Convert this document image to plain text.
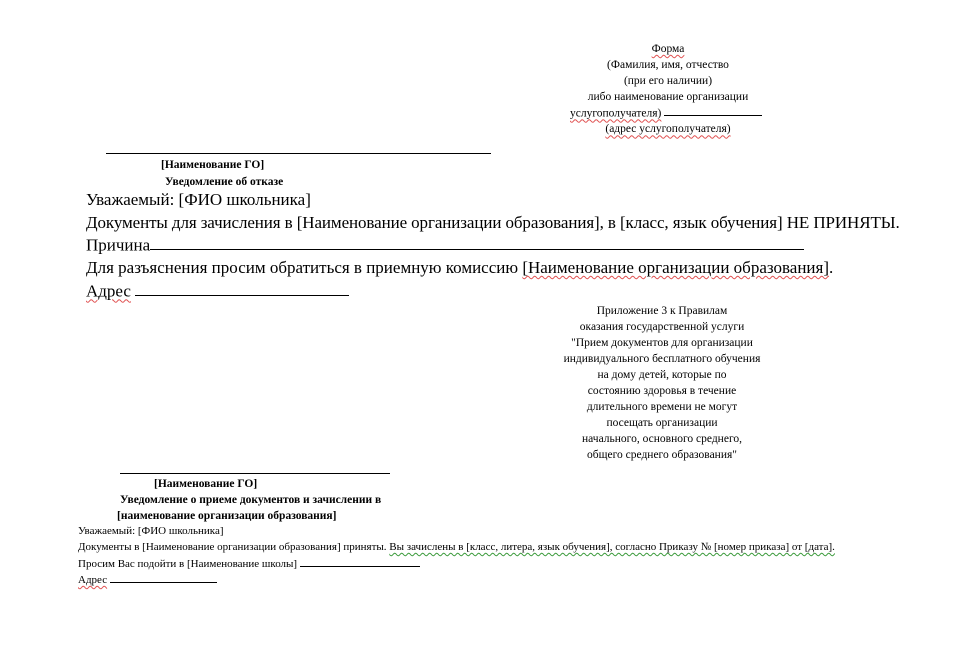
Форма
(Фамилия, имя, отчество
(при его наличии)
либо наименование организации
услугополучателя)
(адрес услугополучателя)
[Наименование ГО]
Уведомление об отказе
Уважаемый: [ФИО школьника]
Документы для зачисления в [Наименование организации образования], в [класс, язык обучения] НЕ ПРИНЯТЫ.
Причина
Для разъяснения просим обратиться в приемную комиссию [Наименование организации образования].
Адрес
Приложение 3 к Правилам
оказания государственной услуги
"Прием документов для организации
индивидуального бесплатного обучения
на дому детей, которые по
состоянию здоровья в течение
длительного времени не могут
посещать организации
начального, основного среднего,
общего среднего образования"
[Наименование ГО]
Уведомление о приеме документов и зачислении в
[наименование организации образования]
Уважаемый: [ФИО школьника]
Документы в [Наименование организации образования] приняты. Вы зачислены в [класс, литера, язык обучения], согласно Приказу № [номер приказа] от [дата].
Просим Вас подойти в [Наименование школы]
Адрес
